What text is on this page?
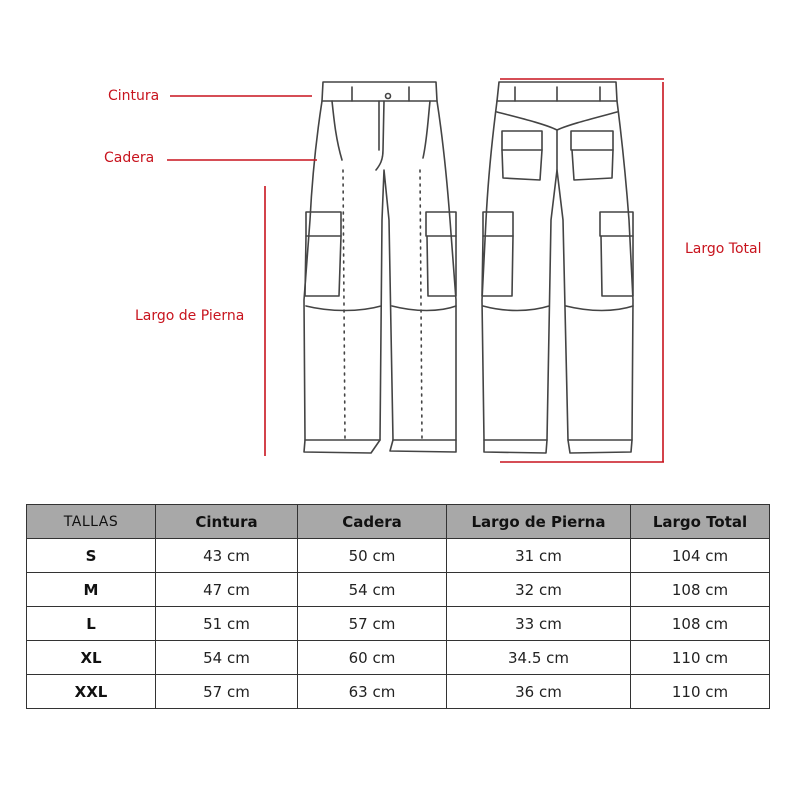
Cintura
Cadera
Largo de Pierna
Largo Total
TALLAS	Cintura	Cadera	Largo de Pierna	Largo Total
S	43 cm	50 cm	31 cm	104 cm
M	47 cm	54 cm	32 cm	108 cm
L	51 cm	57 cm	33 cm	108 cm
XL	54 cm	60 cm	34.5 cm	110 cm
XXL	57 cm	63 cm	36 cm	110 cm
